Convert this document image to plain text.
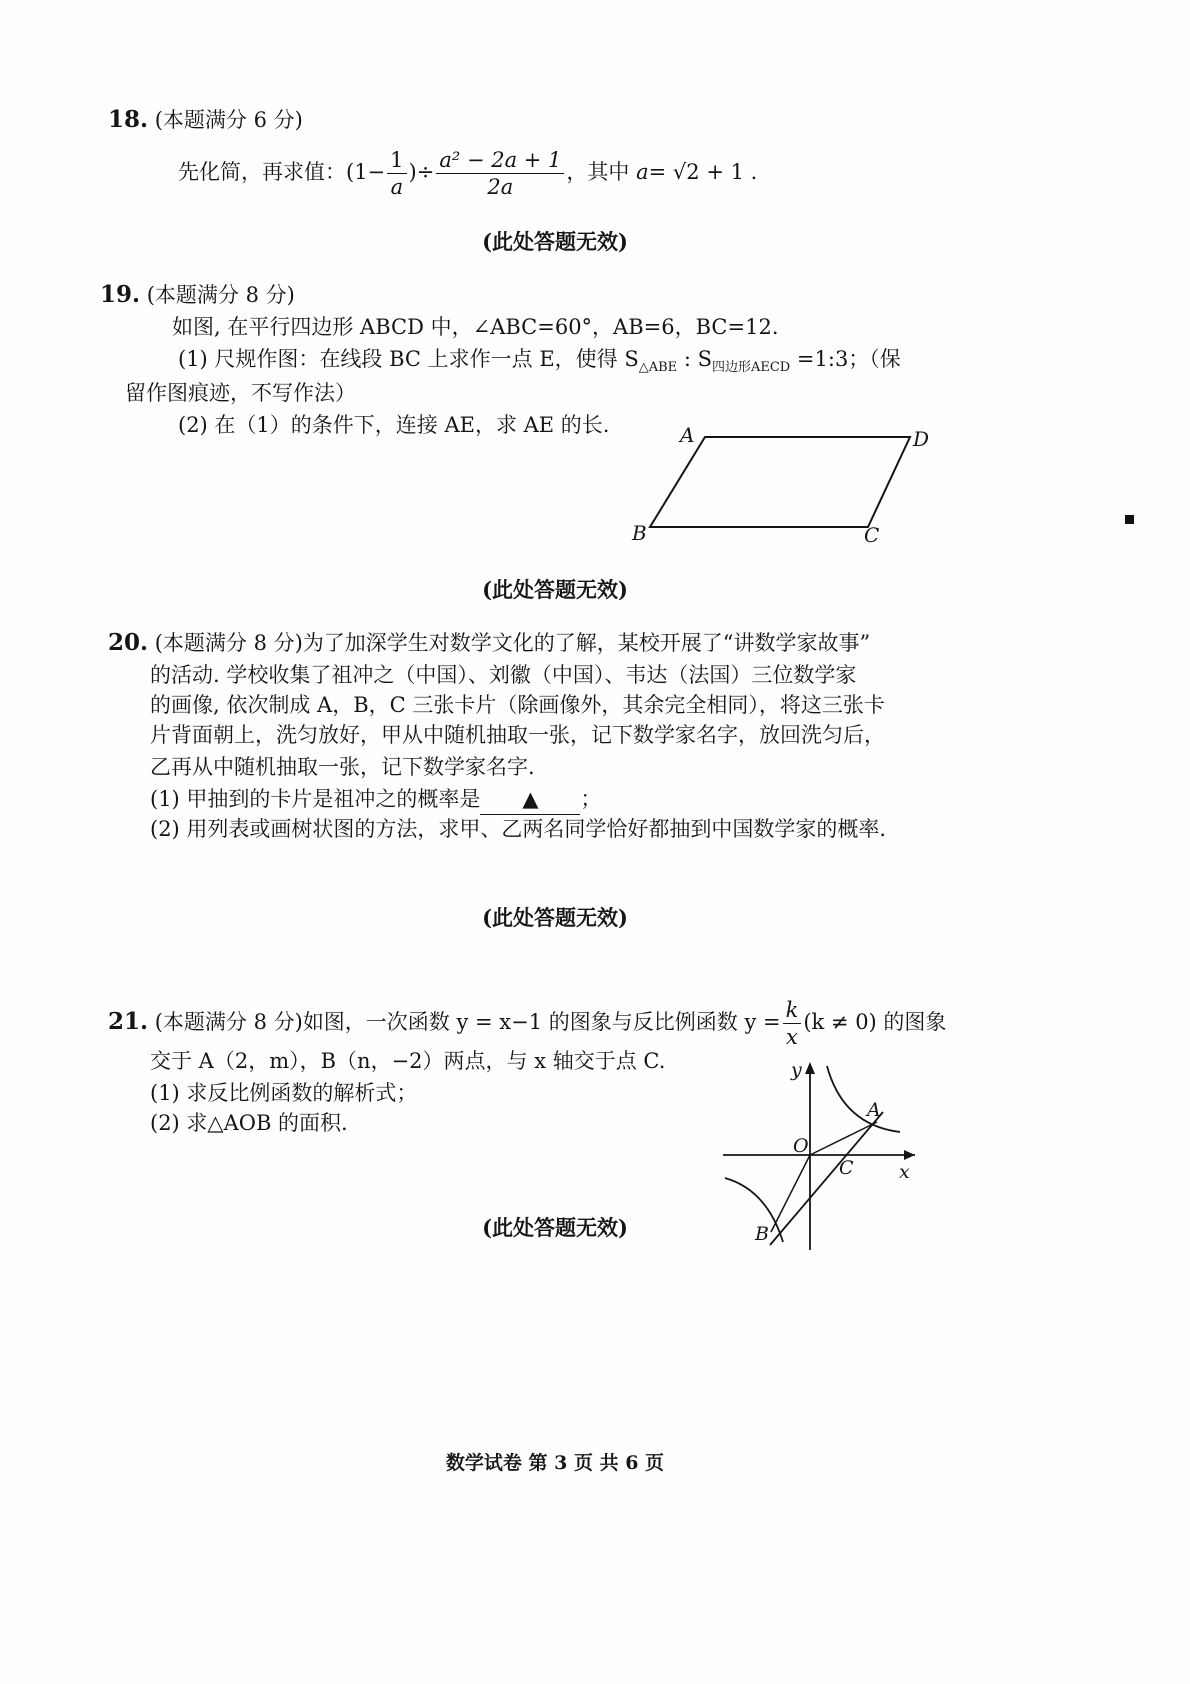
18. (本题满分 6 分)
先化简，再求值：($1- \frac{1}{a}$ )÷ $\frac{\text{a² − 2a + 1}}{2a}$ ，其中 a= √2 + 1 .
(此处答题无效)
19. (本题满分 8 分)
如图, 在平行四边形 ABCD 中，∠ABC=60°，AB=6，BC=12.
(1) 尺规作图：在线段 BC 上求作一点 E，使得 $S_{\triangle ABE}$ : $S_{四边形AECD}$ =1:3；（保
留作图痕迹，不写作法）
(2) 在（1）的条件下，连接 AE，求 AE 的长.	A
B	C
D
(此处答题无效)
20. (本题满分 8 分)为了加深学生对数学文化的了解，某校开展了“讲数学家故事”
的活动. 学校收集了祖冲之（中国）、刘徽（中国）、韦达（法国）三位数学家
的画像, 依次制成 A，B，C 三张卡片（除画像外，其余完全相同），将这三张卡
片背面朝上，洗匀放好，甲从中随机抽取一张，记下数学家名字，放回洗匀后，
乙再从中随机抽取一张，记下数学家名字.
(1) 甲抽到的卡片是祖冲之的概率是 ▲ ；
(2) 用列表或画树状图的方法，求甲、乙两名同学恰好都抽到中国数学家的概率.
(此处答题无效)
21. (本题满分 8 分)如图，一次函数 y = x−1 的图象与反比例函数 $y = \frac{k}{x} (k \ne 0)$ 的图象
交于 A（2，m），B（n，−2）两点，与 x 轴交于点 C.
(1) 求反比例函数的解析式；
(2) 求△AOB 的面积.
y
x
O
A
B
C
(此处答题无效)
数学试卷 第 3 页 共 6 页
